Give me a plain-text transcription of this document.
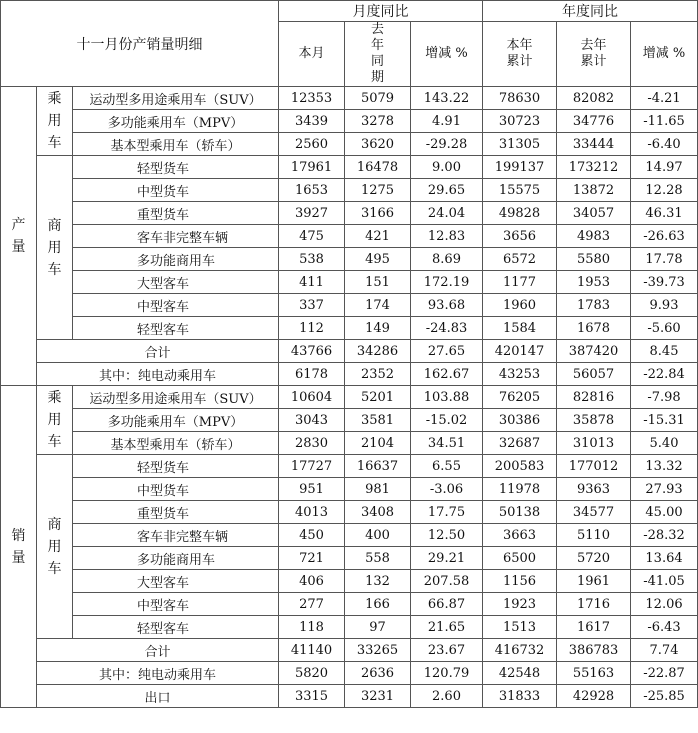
十一月份产销量明细			月度同比			年度同比		
			本月	去年同期	增减 %	本年累计	去年累计	增减 %

产
量	乘
用
车	运动型多用途乘用车（SUV）	12353	5079	143.22	78630	82082	-4.21
		多功能乘用车（MPV）	3439	3278	4.91	30723	34776	-11.65
		基本型乘用车（轿车）	2560	3620	-29.28	31305	33444	-6.40

	商
用
车	轻型货车	17961	16478	9.00	199137	173212	14.97
		中型货车	1653	1275	29.65	15575	13872	12.28
		重型货车	3927	3166	24.04	49828	34057	46.31
		客车非完整车辆	475	421	12.83	3656	4983	-26.63
		多功能商用车	538	495	8.69	6572	5580	17.78
		大型客车	411	151	172.19	1177	1953	-39.73
		中型客车	337	174	93.68	1960	1783	9.93
		轻型客车	112	149	-24.83	1584	1678	-5.60
	合计		43766	34286	27.65	420147	387420	8.45
	其中：纯电动乘用车		6178	2352	162.67	43253	56057	-22.84

销
量	乘
用
车	运动型多用途乘用车（SUV）	10604	5201	103.88	76205	82816	-7.98
		多功能乘用车（MPV）	3043	3581	-15.02	30386	35878	-15.31
		基本型乘用车（轿车）	2830	2104	34.51	32687	31013	5.40

	商
用
车	轻型货车	17727	16637	6.55	200583	177012	13.32
		中型货车	951	981	-3.06	11978	9363	27.93
		重型货车	4013	3408	17.75	50138	34577	45.00
		客车非完整车辆	450	400	12.50	3663	5110	-28.32
		多功能商用车	721	558	29.21	6500	5720	13.64
		大型客车	406	132	207.58	1156	1961	-41.05
		中型客车	277	166	66.87	1923	1716	12.06
		轻型客车	118	97	21.65	1513	1617	-6.43
	合计		41140	33265	23.67	416732	386783	7.74
	其中：纯电动乘用车		5820	2636	120.79	42548	55163	-22.87
	出口		3315	3231	2.60	31833	42928	-25.85
